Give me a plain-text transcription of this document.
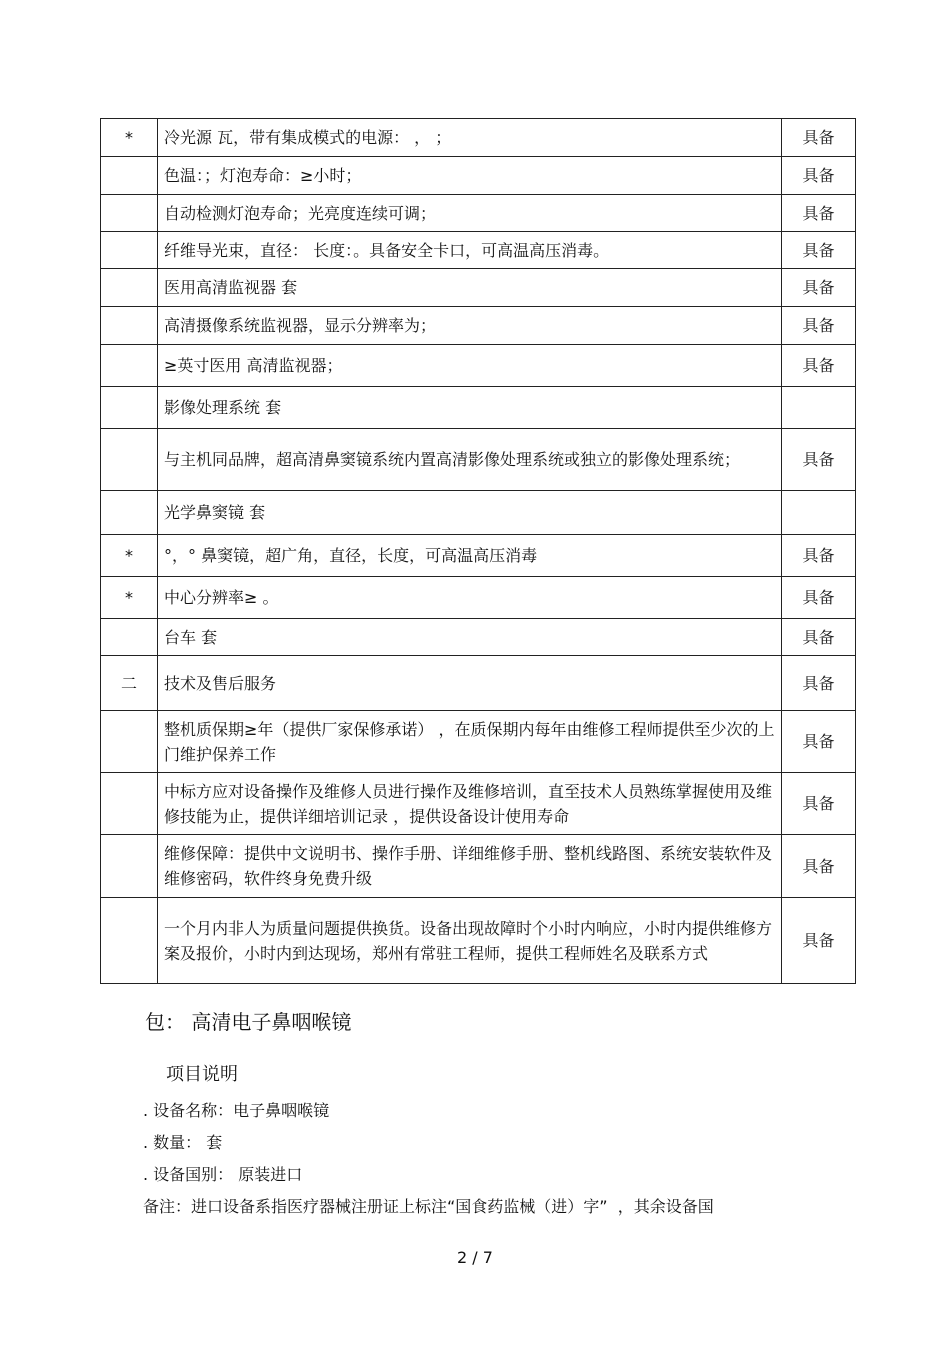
*	冷光源 瓦，带有集成模式的电源： ， ；	具备
	色温：；灯泡寿命：≥小时；	具备
	自动检测灯泡寿命；光亮度连续可调；	具备
	纤维导光束，直径： 长度：。具备安全卡口，可高温高压消毒。	具备
	医用高清监视器 套	具备
	高清摄像系统监视器，显示分辨率为；	具备
	≥英寸医用 高清监视器；	具备
	影像处理系统 套	
	与主机同品牌，超高清鼻窦镜系统内置高清影像处理系统或独立的影像处理系统；	具备
	光学鼻窦镜 套	
*	°，° 鼻窦镜，超广角，直径，长度，可高温高压消毒	具备
*	中心分辨率≥ 。	具备
	台车 套	具备
二	技术及售后服务	具备
	整机质保期≥年（提供厂家保修承诺） ，在质保期内每年由维修工程师提供至少次的上门维护保养工作	具备
	中标方应对设备操作及维修人员进行操作及维修培训，直至技术人员熟练掌握使用及维修技能为止，提供详细培训记录 ，提供设备设计使用寿命	具备
	维修保障：提供中文说明书、操作手册、详细维修手册、整机线路图、系统安装软件及维修密码，软件终身免费升级	具备
	一个月内非人为质量问题提供换货。设备出现故障时个小时内响应，小时内提供维修方案及报价，小时内到达现场，郑州有常驻工程师，提供工程师姓名及联系方式	具备
包： 高清电子鼻咽喉镜
项目说明
. 设备名称：电子鼻咽喉镜
. 数量： 套
. 设备国别： 原装进口
备注：进口设备系指医疗器械注册证上标注“国食药监械（进）字”  ，其余设备国
2 / 7
